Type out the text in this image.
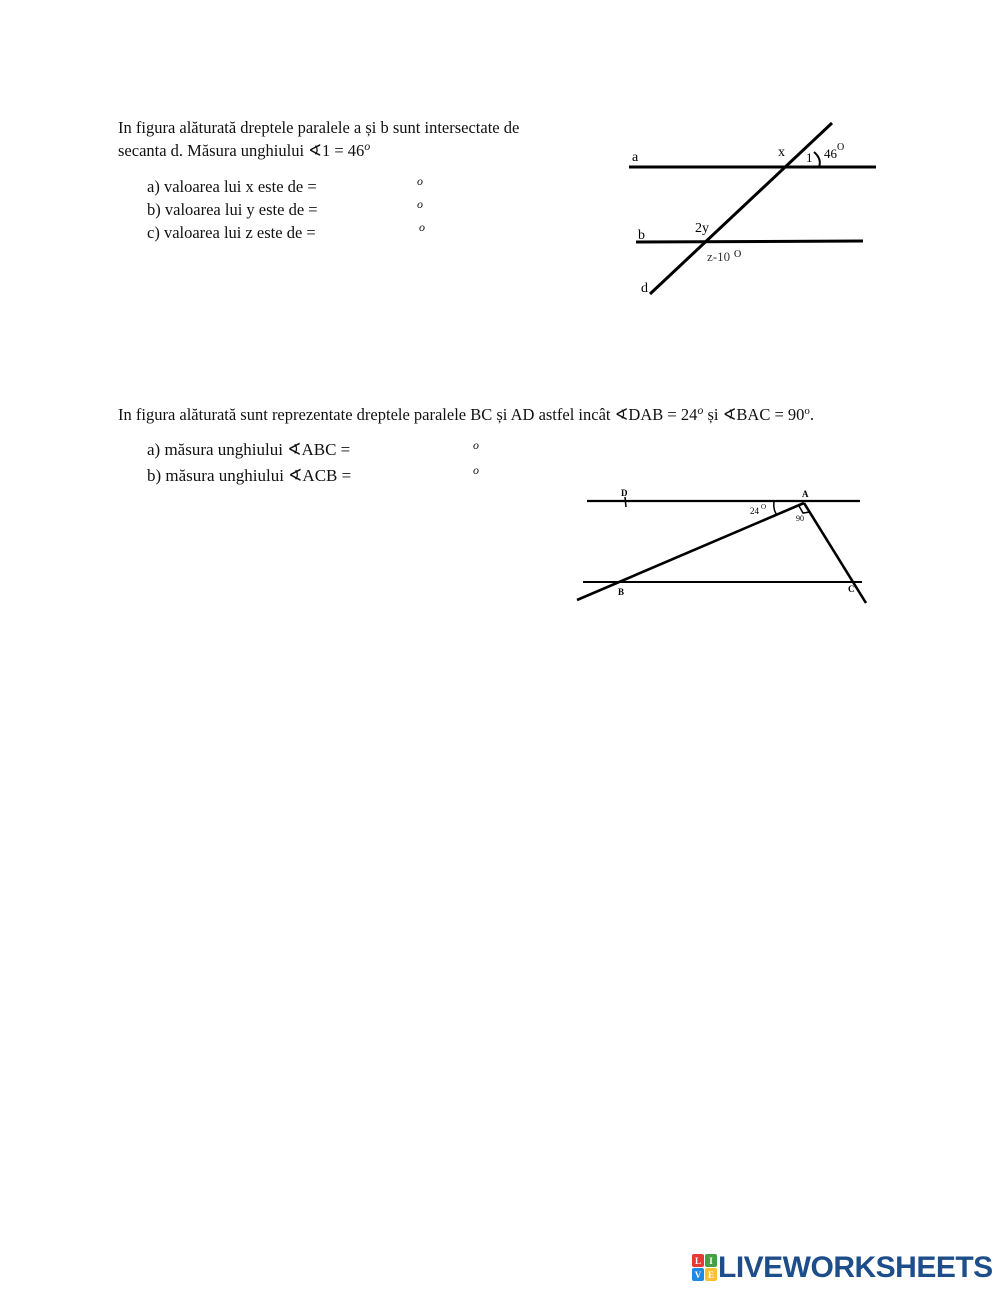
In figura alăturată dreptele paralele a și b sunt intersectate de
secanta d. Măsura unghiului ∢1 = $46^o$
a) valoarea lui x este de =	o
b) valoarea lui y este de =	o
c) valoarea lui z este de =	o
a
b
d
x 1 46 O
2y
z-10 O
In figura alăturată sunt reprezentate dreptele paralele BC și AD astfel incât ∢DAB = $24^o$ și ∢BAC = $90^o$.
a) măsura unghiului ∢ABC =	o
b) măsura unghiului ∢ACB =	o
D	A
B	C
24 O
90
L I
V E LIVEWORKSHEETS
